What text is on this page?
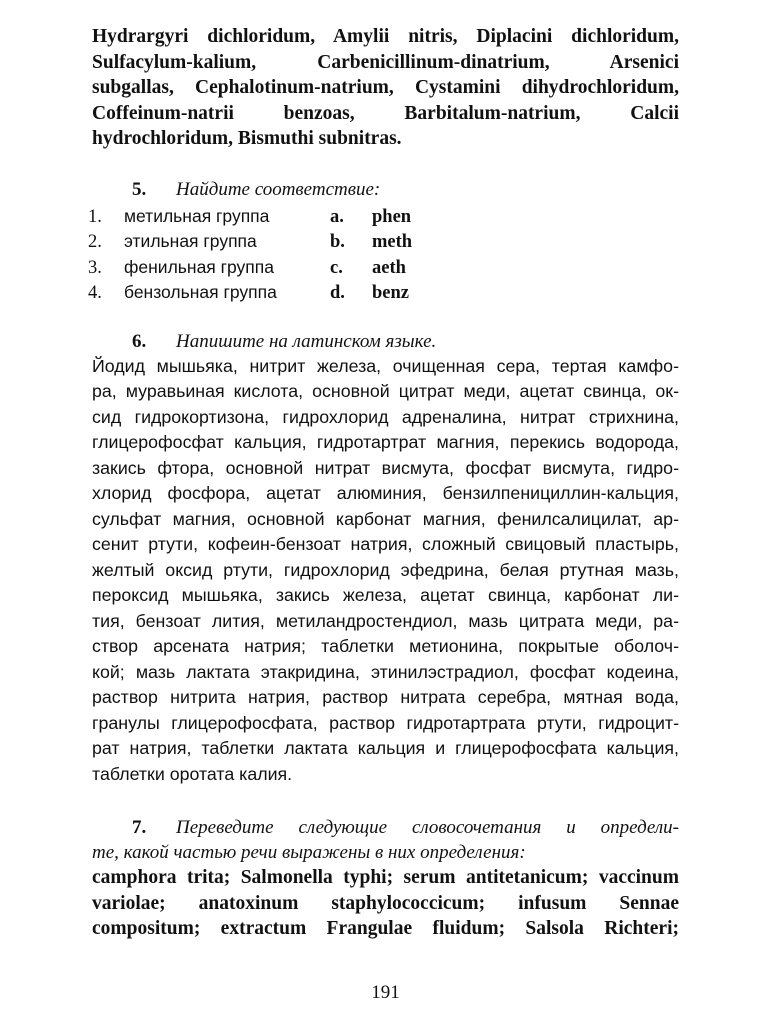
Hydrargyri dichloridum, Amylii nitris, Diplacini dichloridum,
Sulfacylum-kalium, Carbenicillinum-dinatrium, Arsenici
subgallas, Cephalotinum-natrium, Cystamini dihydrochloridum,
Coffeinum-natrii benzoas, Barbitalum-natrium, Calcii
hydrochloridum, Bismuthi subnitras.

5. Найдите соответствие:

1.	метильная группа	a.	phen
2.	этильная группа	b.	meth
3.	фенильная группа	c.	aeth
4.	бензольная группа	d.	benz

6. Напишите на латинском языке.

Йодид мышьяка, нитрит железа, очищенная сера, тертая камфо-
ра, муравьиная кислота, основной цитрат меди, ацетат свинца, ок-
сид гидрокортизона, гидрохлорид адреналина, нитрат стрихнина,
глицерофосфат кальция, гидротартрат магния, перекись водорода,
закись фтора, основной нитрат висмута, фосфат висмута, гидро-
хлорид фосфора, ацетат алюминия, бензилпенициллин-кальция,
сульфат магния, основной карбонат магния, фенилсалицилат, ар-
сенит ртути, кофеин-бензоат натрия, сложный свицовый пластырь,
желтый оксид ртути, гидрохлорид эфедрина, белая ртутная мазь,
пероксид мышьяка, закись железа, ацетат свинца, карбонат ли-
тия, бензоат лития, метиландростендиол, мазь цитрата меди, ра-
створ арсената натрия; таблетки метионина, покрытые оболоч-
кой; мазь лактата этакридина, этинилэстрадиол, фосфат кодеина,
раствор нитрита натрия, раствор нитрата серебра, мятная вода,
гранулы глицерофосфата, раствор гидротартрата ртути, гидроцит-
рат натрия, таблетки лактата кальция и глицерофосфата кальция,
таблетки оротата калия.
7. Переведите следующие словосочетания и определи-
те, какой частью речи выражены в них определения:
camphora trita; Salmonella typhi; serum antitetanicum; vaccinum
variolae; anatoxinum staphylococcicum; infusum Sennae
compositum; extractum Frangulae fluidum; Salsola Richteri;
191
